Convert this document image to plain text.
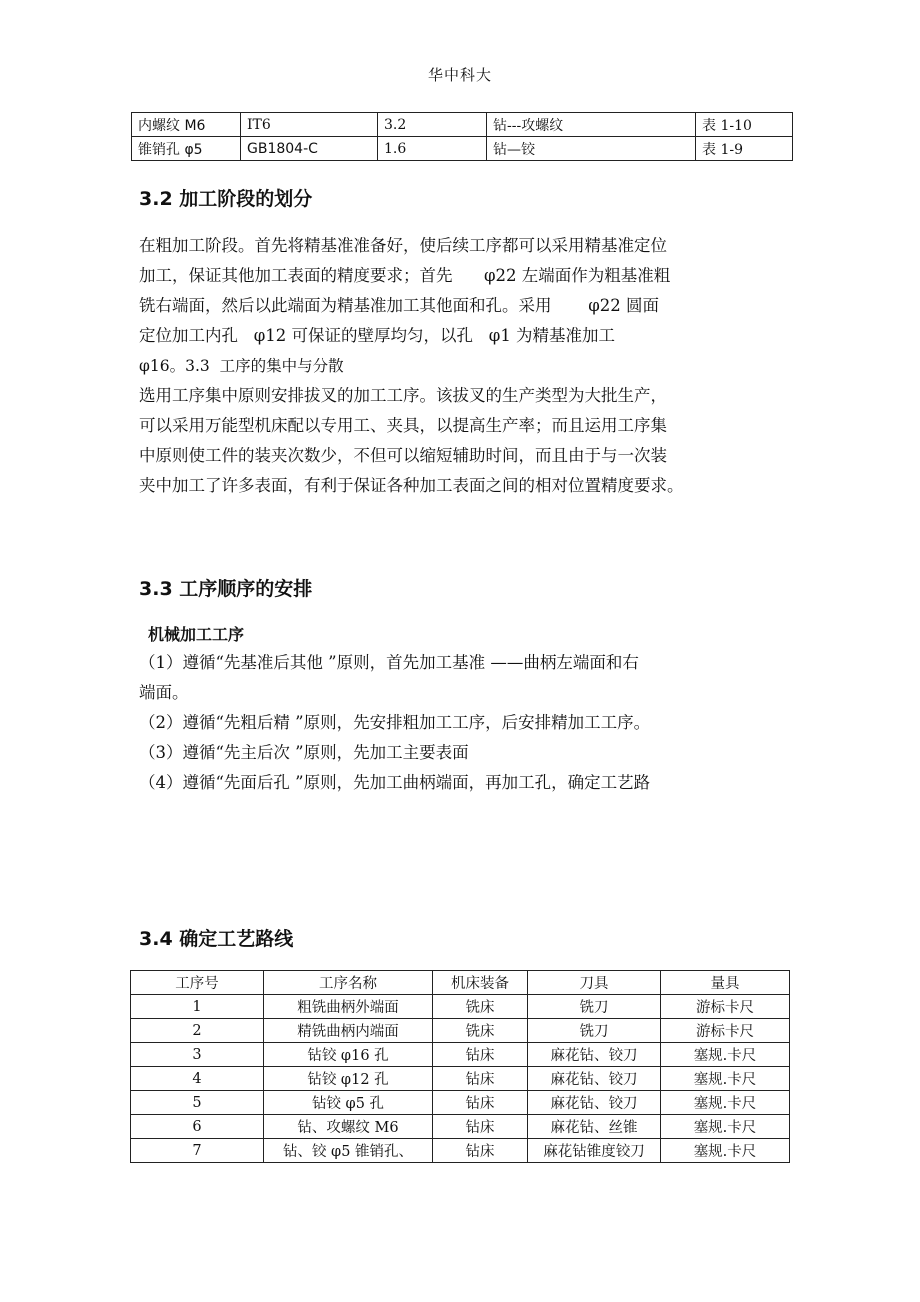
华中科大
内螺纹 M6	IT6	3.2	钻---攻螺纹	表 1-10
锥销孔 φ5	GB1804-C	1.6	钻—铰	表 1-9
3.2 加工阶段的划分
在粗加工阶段。首先将精基准准备好，使后续工序都可以采用精基准定位
加工，保证其他加工表面的精度要求；首先      φ22 左端面作为粗基准粗
铣右端面，然后以此端面为精基准加工其他面和孔。采用       φ22 圆面
定位加工内孔   φ12 可保证的壁厚均匀，以孔   φ1 为精基准加工
φ16。3.3  工序的集中与分散
选用工序集中原则安排拔叉的加工工序。该拔叉的生产类型为大批生产，
可以采用万能型机床配以专用工、夹具，以提高生产率；而且运用工序集
中原则使工件的装夹次数少，不但可以缩短辅助时间，而且由于与一次装
夹中加工了许多表面，有利于保证各种加工表面之间的相对位置精度要求。
3.3 工序顺序的安排
机械加工工序
（1）遵循“先基准后其他 ”原则，首先加工基准 ——曲柄左端面和右
端面。
（2）遵循“先粗后精 ”原则，先安排粗加工工序，后安排精加工工序。
（3）遵循“先主后次 ”原则，先加工主要表面
（4）遵循“先面后孔 ”原则，先加工曲柄端面，再加工孔，确定工艺路
3.4 确定工艺路线
工序号	工序名称	机床装备	刀具	量具
1	粗铣曲柄外端面	铣床	铣刀	游标卡尺
2	精铣曲柄内端面	铣床	铣刀	游标卡尺
3	钻铰 φ16 孔	钻床	麻花钻、铰刀	塞规.卡尺
4	钻铰 φ12 孔	钻床	麻花钻、铰刀	塞规.卡尺
5	钻铰 φ5 孔	钻床	麻花钻、铰刀	塞规.卡尺
6	钻、攻螺纹 M6	钻床	麻花钻、丝锥	塞规.卡尺
7	钻、铰 φ5 锥销孔、	钻床	麻花钻锥度铰刀	塞规.卡尺
